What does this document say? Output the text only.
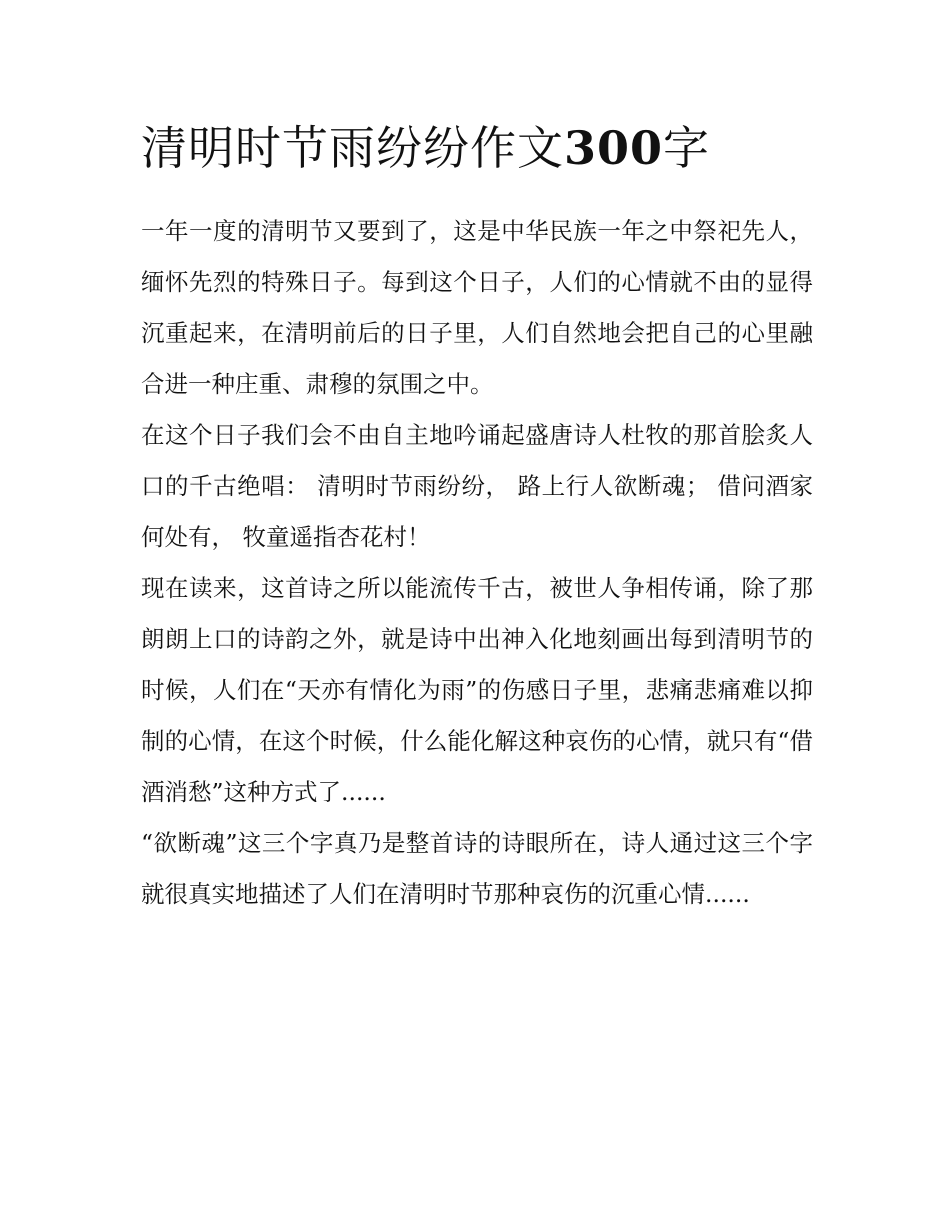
清明时节雨纷纷作文300字

一年一度的清明节又要到了，这是中华民族一年之中祭祀先人，缅怀先烈的特殊日子。每到这个日子，人们的心情就不由的显得沉重起来，在清明前后的日子里，人们自然地会把自己的心里融合进一种庄重、肃穆的氛围之中。

在这个日子我们会不由自主地吟诵起盛唐诗人杜牧的那首脍炙人口的千古绝唱： 清明时节雨纷纷， 路上行人欲断魂； 借问酒家何处有， 牧童遥指杏花村！

现在读来，这首诗之所以能流传千古，被世人争相传诵，除了那朗朗上口的诗韵之外，就是诗中出神入化地刻画出每到清明节的时候，人们在“天亦有情化为雨”的伤感日子里，悲痛悲痛难以抑制的心情，在这个时候，什么能化解这种哀伤的心情，就只有“借酒消愁”这种方式了......

“欲断魂”这三个字真乃是整首诗的诗眼所在，诗人通过这三个字就很真实地描述了人们在清明时节那种哀伤的沉重心情......
